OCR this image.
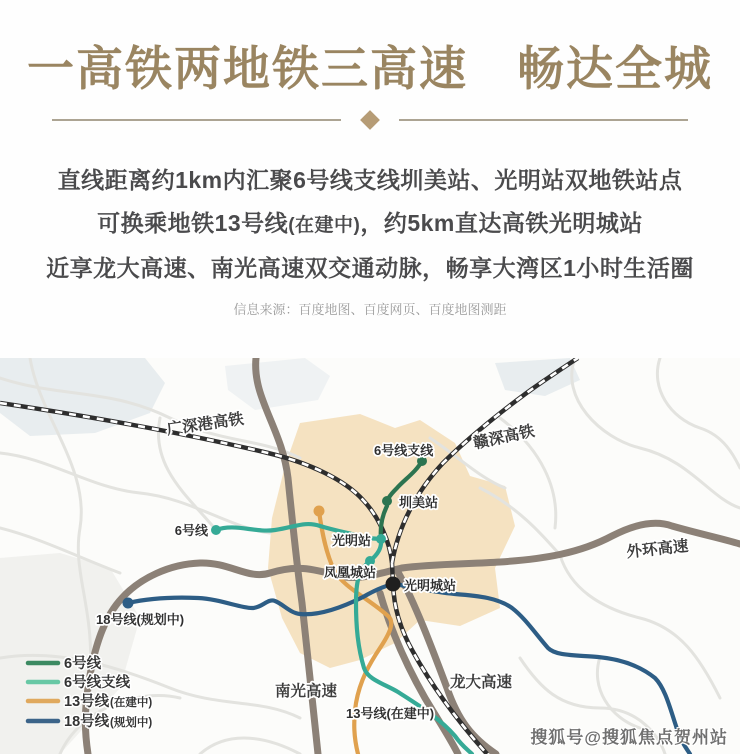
一高铁两地铁三高速　畅达全城
直线距离约1km内汇聚6号线支线圳美站、光明站双地铁站点
可换乘地铁13号线(在建中)，约5km直达高铁光明城站
近享龙大高速、南光高速双交通动脉，畅享大湾区1小时生活圈
信息来源：百度地图、百度网页、百度地图测距
广深港高铁	赣深高铁
外环高速
南光高速
龙大高速
6号线
6号线支线
13号线(在建中)
18号线(规划中)
圳美站
光明站
凤凰城站
光明城站
6号线
6号线支线
13号线 (在建中)
18号线 (规划中)
搜狐号@搜狐焦点贺州站
